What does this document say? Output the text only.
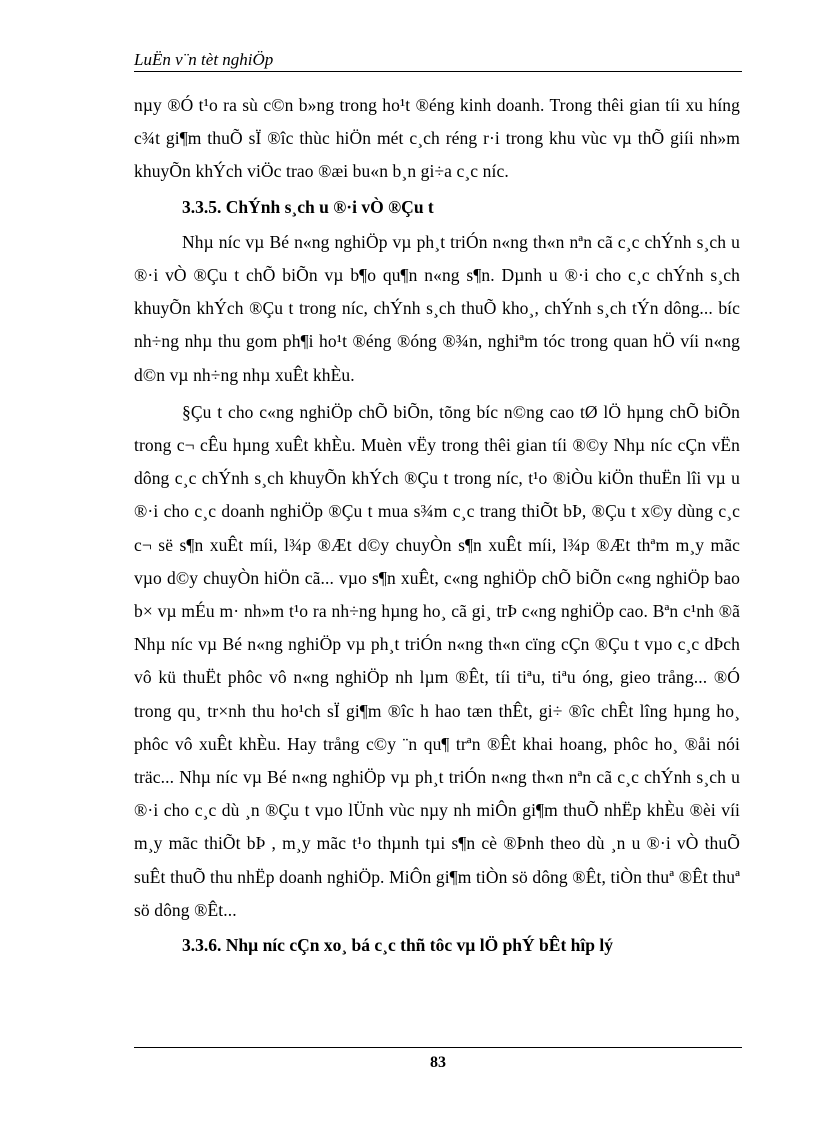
LuËn v¨n tèt nghiÖp

nµy ®Ó t¹o ra sù c©n b»ng trong ho¹t ®éng kinh doanh. Trong thêi gian tíi xu híng c¾t gi¶m thuÕ sÏ ®îc thùc hiÖn mét c¸ch réng r·i trong khu vùc vµ thÕ giíi nh»m khuyÕn khÝch viÖc trao ®æi bu«n b¸n gi÷a c¸c níc.

3.3.5. ChÝnh s¸ch u ®·i vÒ ®Çu t

Nhµ níc vµ Bé n«ng nghiÖp vµ ph¸t triÓn n«ng th«n nªn cã c¸c chÝnh s¸ch u ®·i vÒ ®Çu t chÕ biÕn vµ b¶o qu¶n n«ng s¶n. Dµnh u ®·i cho c¸c chÝnh s¸ch khuyÕn khÝch ®Çu t trong níc, chÝnh s¸ch thuÕ kho¸, chÝnh s¸ch tÝn dông... bíc nh÷ng nhµ thu gom ph¶i ho¹t ®éng ®óng ®¾n, nghiªm tóc trong quan hÖ víi n«ng d©n vµ nh÷ng nhµ xuÊt khÈu.

§Çu t cho c«ng nghiÖp chÕ biÕn, tõng bíc n©ng cao tØ lÖ hµng chÕ biÕn trong c¬ cÊu hµng xuÊt khÈu. Muèn vËy trong thêi gian tíi ®©y Nhµ níc cÇn vËn dông c¸c chÝnh s¸ch khuyÕn khÝch ®Çu t trong níc, t¹o ®iÒu kiÖn thuËn lîi vµ u ®·i cho c¸c doanh nghiÖp ®Çu t mua s¾m c¸c trang thiÕt bÞ, ®Çu t x©y dùng c¸c c¬ së s¶n xuÊt míi, l¾p ®Æt d©y chuyÒn s¶n xuÊt míi, l¾p ®Æt thªm m¸y mãc vµo d©y chuyÒn hiÖn cã... vµo s¶n xuÊt, c«ng nghiÖp chÕ biÕn c«ng nghiÖp bao b× vµ mÉu m· nh»m t¹o ra nh÷ng hµng ho¸ cã gi¸ trÞ c«ng nghiÖp cao. Bªn c¹nh ®ã Nhµ níc vµ Bé n«ng nghiÖp vµ ph¸t triÓn n«ng th«n cïng cÇn ®Çu t vµo c¸c dÞch vô kü thuËt phôc vô n«ng nghiÖp nh lµm ®Êt, tíi tiªu, tiªu óng, gieo trång... ®Ó trong qu¸ tr×nh thu ho¹ch sÏ gi¶m ®îc h hao tæn thÊt, gi÷ ®îc chÊt lîng hµng ho¸ phôc vô xuÊt khÈu. Hay trång c©y ¨n qu¶ trªn ®Êt khai hoang, phôc ho¸ ®åi nói träc... Nhµ níc vµ Bé n«ng nghiÖp vµ ph¸t triÓn n«ng th«n nªn cã c¸c chÝnh s¸ch u ®·i cho c¸c dù ¸n ®Çu t vµo lÜnh vùc nµy nh miÔn gi¶m thuÕ nhËp khÈu ®èi víi m¸y mãc thiÕt bÞ , m¸y mãc t¹o thµnh tµi s¶n cè ®Þnh theo dù ¸n u ®·i vÒ thuÕ suÊt thuÕ thu nhËp doanh nghiÖp. MiÔn gi¶m tiÒn sö dông ®Êt, tiÒn thuª ®Êt thuª sö dông ®Êt...

3.3.6. Nhµ níc cÇn xo¸ bá c¸c thñ tôc vµ lÖ phÝ bÊt hîp lý

83
